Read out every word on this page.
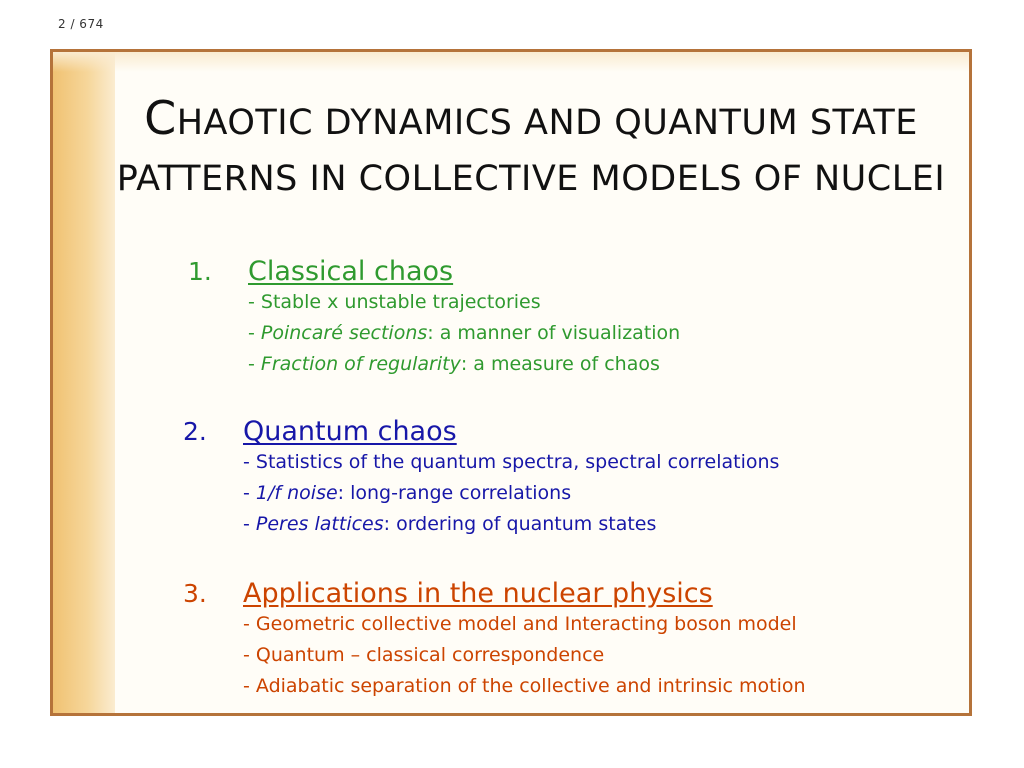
2 / 674
CHAOTIC DYNAMICS AND QUANTUM STATE
PATTERNS IN COLLECTIVE MODELS OF NUCLEI
1.	Classical chaos
- Stable x unstable trajectories
- Poincaré sections: a manner of visualization
- Fraction of regularity: a measure of chaos
2.	Quantum chaos
- Statistics of the quantum spectra, spectral correlations
- 1/f noise: long-range correlations
- Peres lattices: ordering of quantum states
3.	Applications in the nuclear physics
- Geometric collective model and Interacting boson model
- Quantum – classical correspondence
- Adiabatic separation of the collective and intrinsic motion
